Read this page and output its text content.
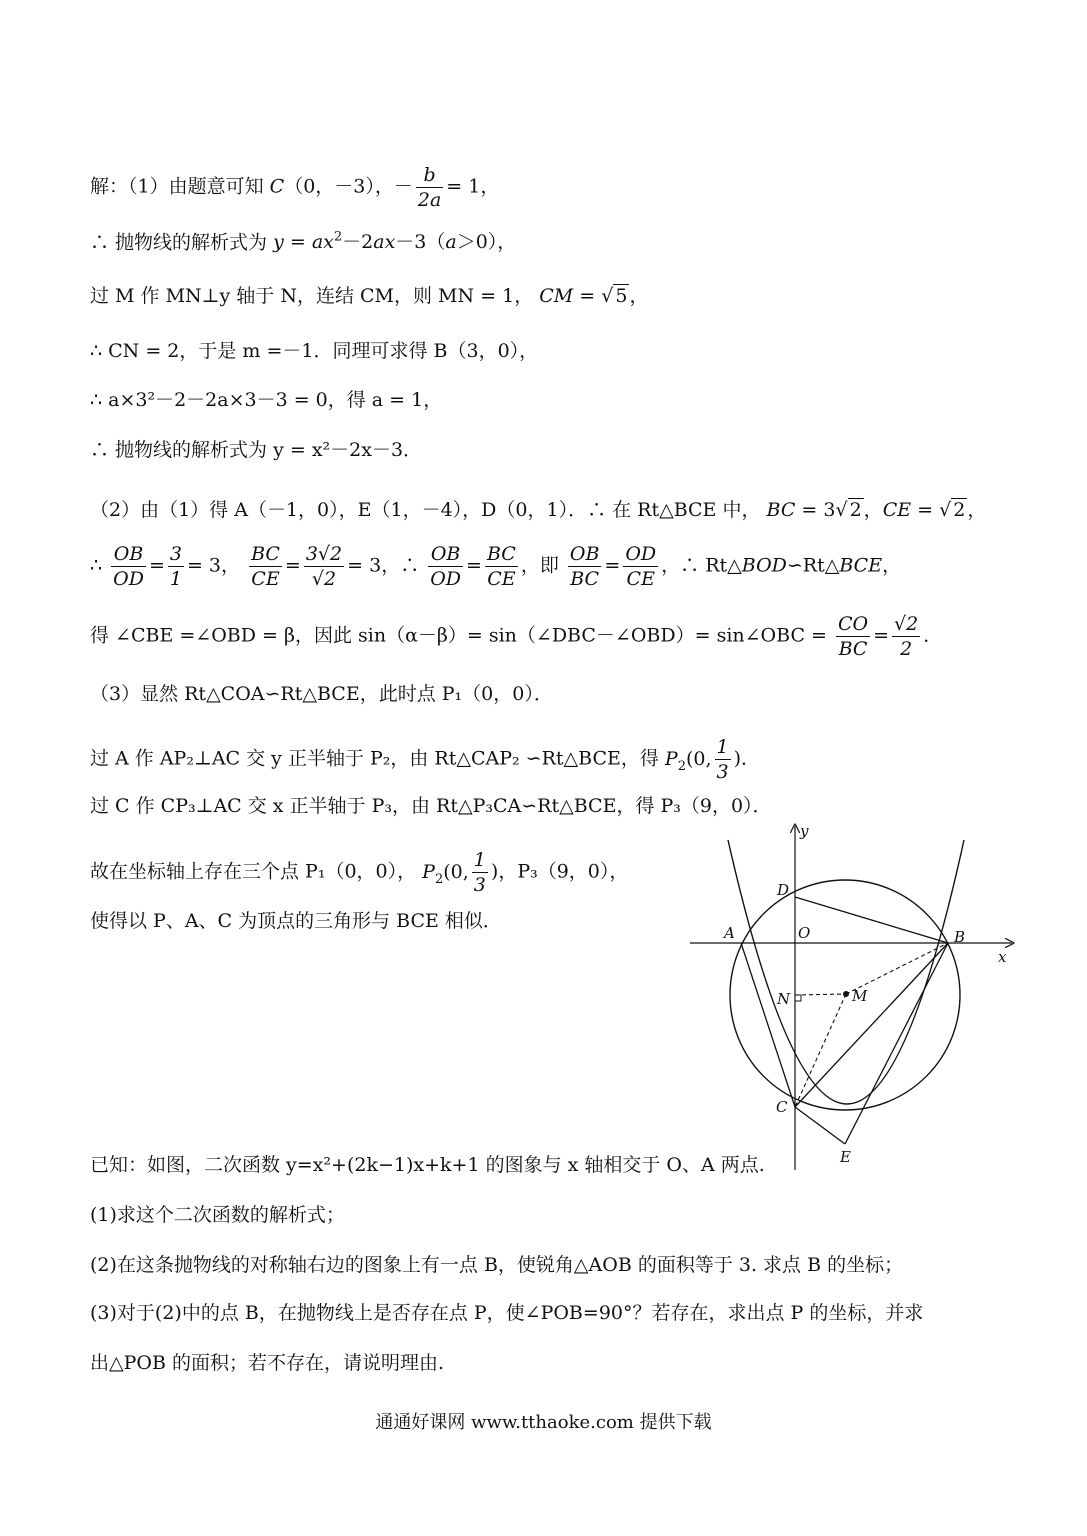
解：（1）由题意可知 C（0，－3），－ $\frac{b}{2a} = 1$，
∴ 抛物线的解析式为 $y = ax^2-2ax-3(a>0)$，
过 M 作 MN⊥y 轴于 N，连结 CM，则 MN = 1， CM = √ 5 ，
∴ CN = 2，于是 m =－1．同理可求得 B（3，0），
∴ a×3²－2－2a×3－3 = 0，得 a = 1，
∴ 抛物线的解析式为 y = x²－2x－3．
（2）由（1）得 A（－1，0），E（1，－4），D（0，1）．∴ 在 Rt△BCE 中， BC = 3√ 2 ，CE = √ 2 ，
∴ $\frac{OB}{OD} = \frac{3}{1} = 3$， $\frac{BC}{CE} = \frac{3√2}{√2} = 3$，∴ $\frac{OB}{OD} = \frac{BC}{CE}$ ，即 $\frac{OB}{BC} = \frac{OD}{CE}$ ，∴ Rt△BOD∽Rt△BCE，
得 ∠CBE =∠OBD = β，因此 sin（α－β）= sin（∠DBC－∠OBD）= sin∠OBC = $\frac{CO}{BC} = \frac{√2}{2}$ ．
（3）显然 Rt△COA∽Rt△BCE，此时点 P₁（0，0）．
过 A 作 AP₂⊥AC 交 y 正半轴于 P₂，由 Rt△CAP₂ ∽Rt△BCE，得 $P_2(0$, $\frac{1}{3}$ )．
过 C 作 CP₃⊥AC 交 x 正半轴于 P₃，由 Rt△P₃CA∽Rt△BCE，得 P₃（9，0）．
故在坐标轴上存在三个点 P₁（0，0）， $P_2(0$, $\frac{1}{3}$ )，P₃（9，0），
使得以 P、A、C 为顶点的三角形与 BCE 相似．
y
x
D
A	O	B
N	M
C
E
已知：如图，二次函数 y=x²+(2k−1)x+k+1 的图象与 x 轴相交于 O、A 两点.
(1)求这个二次函数的解析式；
(2)在这条抛物线的对称轴右边的图象上有一点 B，使锐角△AOB 的面积等于 3. 求点 B 的坐标；
(3)对于(2)中的点 B，在抛物线上是否存在点 P，使∠POB=90°？若存在，求出点 P 的坐标，并求
出△POB 的面积；若不存在，请说明理由.
通通好课网 www.tthaoke.com 提供下载
